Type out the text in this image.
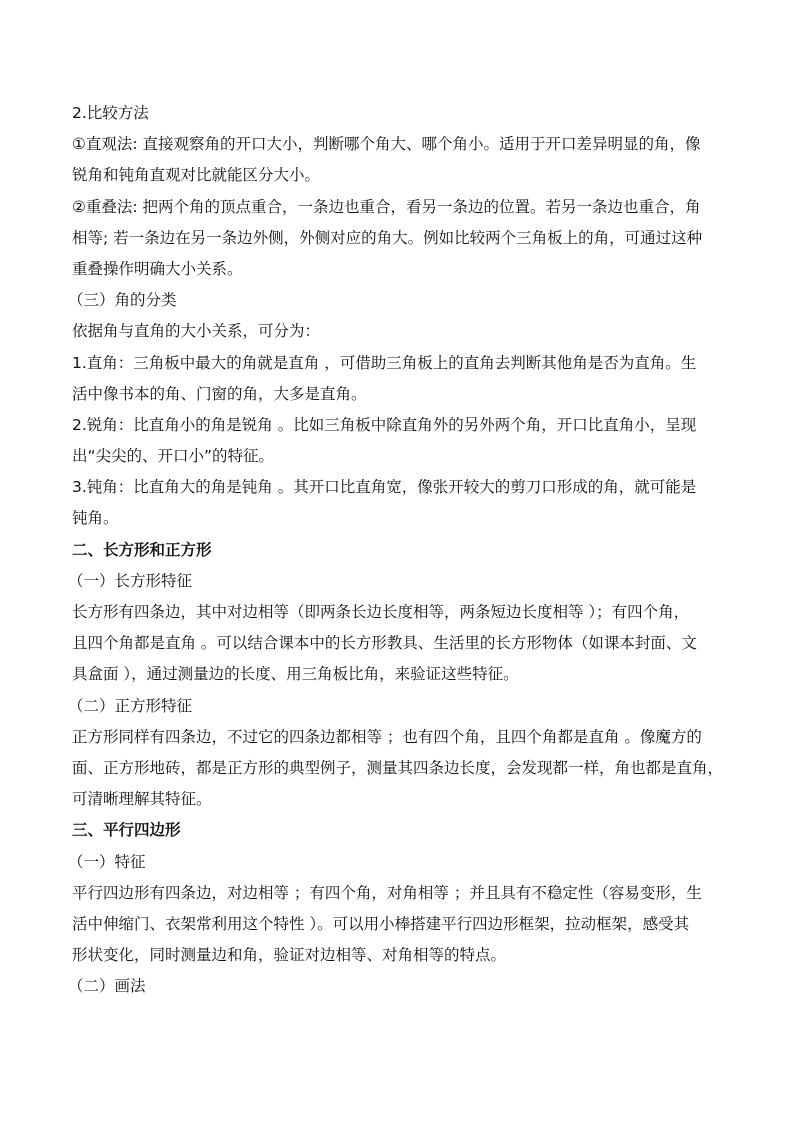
2.比较方法
①直观法: 直接观察角的开口大小，判断哪个角大、哪个角小。适用于开口差异明显的角，像
锐角和钝角直观对比就能区分大小。
②重叠法: 把两个角的顶点重合，一条边也重合，看另一条边的位置。若另一条边也重合，角
相等; 若一条边在另一条边外侧，外侧对应的角大。例如比较两个三角板上的角，可通过这种
重叠操作明确大小关系。
（三）角的分类
依据角与直角的大小关系，可分为：
1.直角：三角板中最大的角就是直角 ，可借助三角板上的直角去判断其他角是否为直角。生
活中像书本的角、门窗的角，大多是直角。
2.锐角：比直角小的角是锐角 。比如三角板中除直角外的另外两个角，开口比直角小，呈现
出“尖尖的、开口小”的特征。
3.钝角：比直角大的角是钝角 。其开口比直角宽，像张开较大的剪刀口形成的角，就可能是
钝角。
二、长方形和正方形
（一）长方形特征
长方形有四条边，其中对边相等（即两条长边长度相等，两条短边长度相等 ）；有四个角，
且四个角都是直角 。可以结合课本中的长方形教具、生活里的长方形物体（如课本封面、文
具盒面 ），通过测量边的长度、用三角板比角，来验证这些特征。
（二）正方形特征
正方形同样有四条边，不过它的四条边都相等 ；也有四个角，且四个角都是直角 。像魔方的
面、正方形地砖，都是正方形的典型例子，测量其四条边长度，会发现都一样，角也都是直角，
可清晰理解其特征。
三、平行四边形
（一）特征
平行四边形有四条边，对边相等 ；有四个角，对角相等 ；并且具有不稳定性（容易变形，生
活中伸缩门、衣架常利用这个特性 ）。可以用小棒搭建平行四边形框架，拉动框架，感受其
形状变化，同时测量边和角，验证对边相等、对角相等的特点。
（二）画法
